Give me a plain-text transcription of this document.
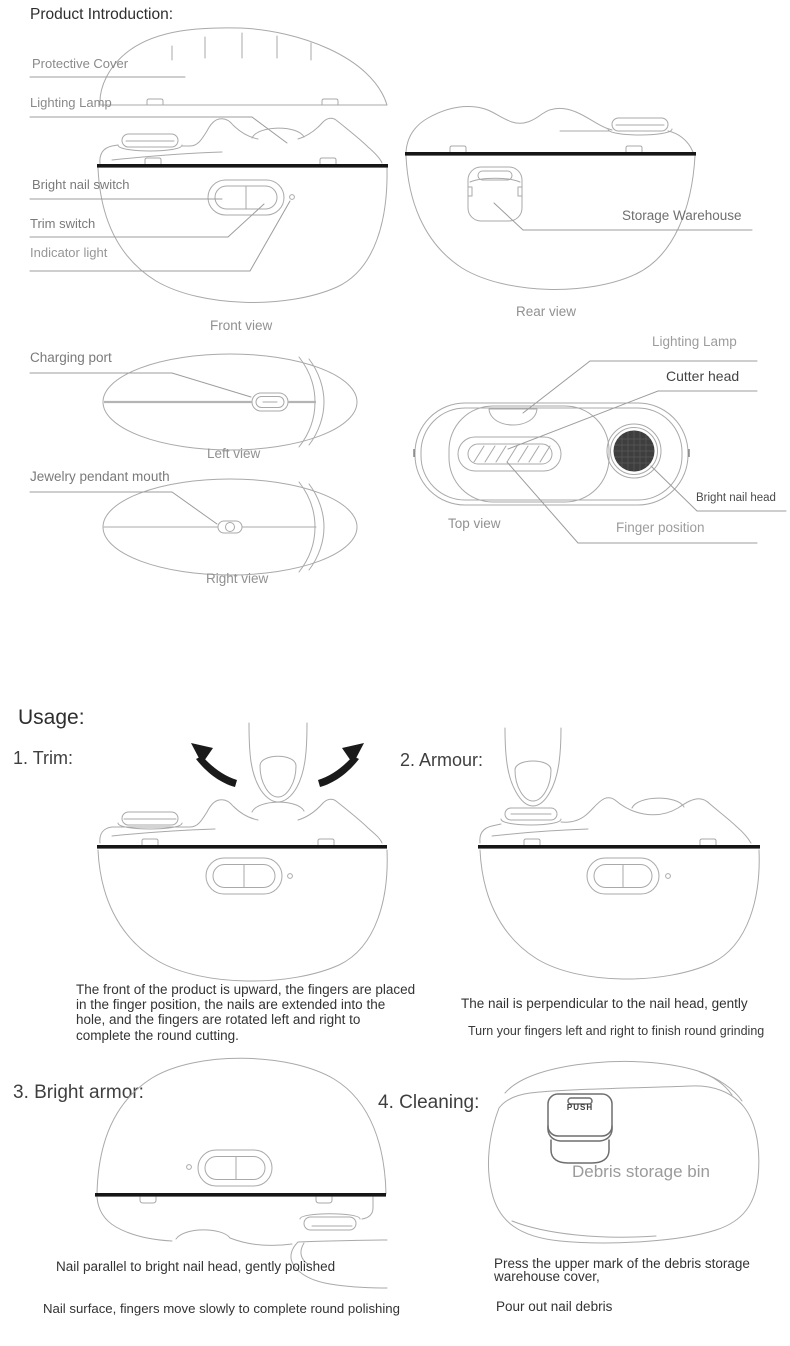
Product Introduction:
Protective Cover
Lighting Lamp
Bright nail switch
Trim switch
Indicator light
Front view
Storage Warehouse
Rear view
Charging port
Left view
Jewelry pendant mouth
Right view
Lighting Lamp
Cutter head
Bright nail head
Finger position
Top view
Usage:
1. Trim:	2. Armour:
3. Bright armor:	4. Cleaning:
The front of the product is upward, the fingers are placed
in the finger position, the nails are extended into the
hole, and the fingers are rotated left and right to
complete the round cutting.
The nail is perpendicular to the nail head, gently
Turn your fingers left and right to finish round grinding
Nail parallel to bright nail head, gently polished
Nail surface, fingers move slowly to complete round polishing
PUSH
Debris storage bin
Press the upper mark of the debris storage
warehouse cover,
Pour out nail debris
